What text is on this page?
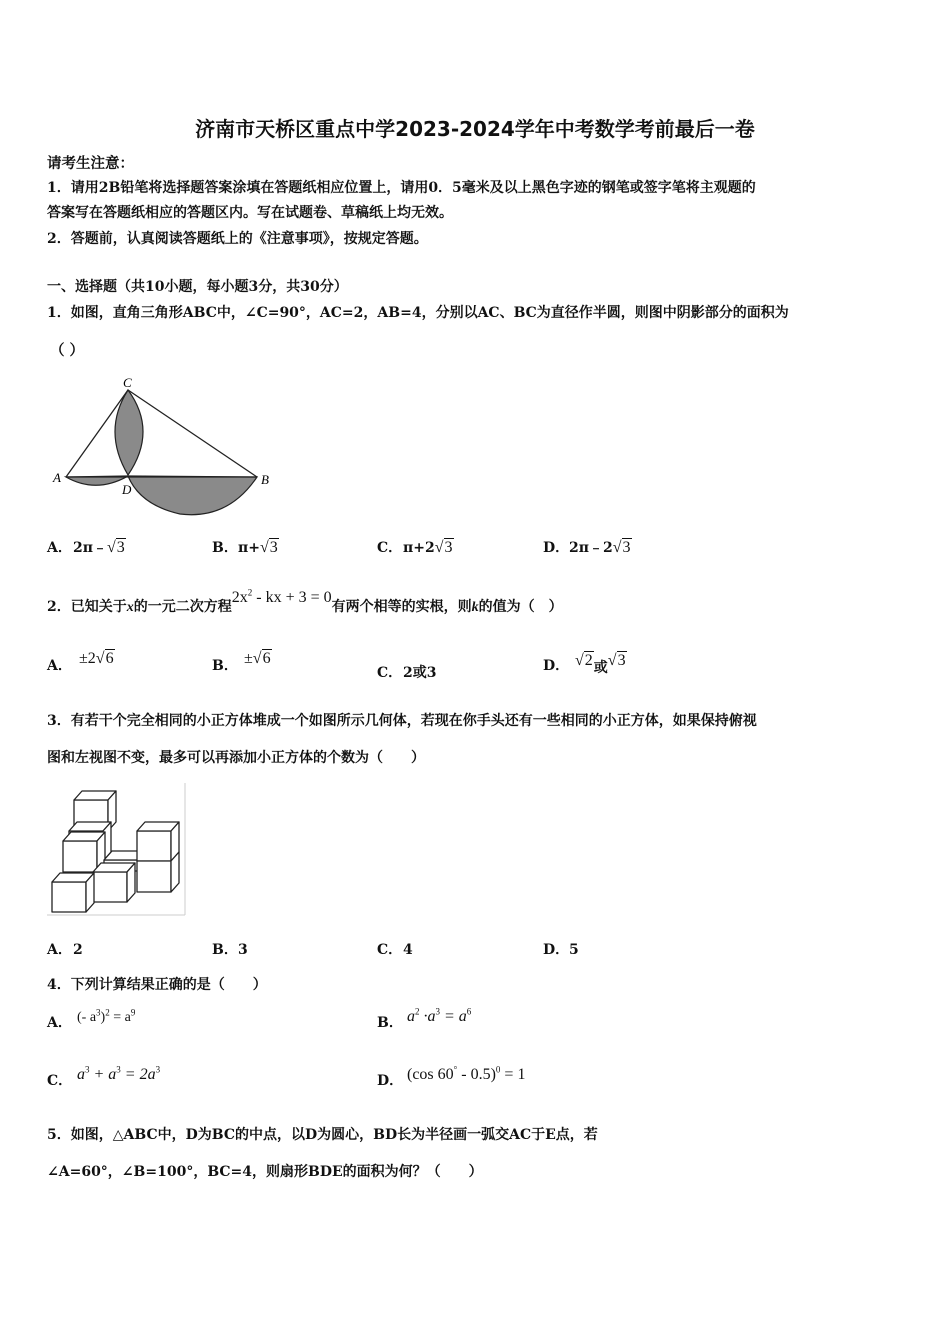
济南市天桥区重点中学2023-2024学年中考数学考前最后一卷
请考生注意：
1．请用2B铅笔将选择题答案涂填在答题纸相应位置上，请用0．5毫米及以上黑色字迹的钢笔或签字笔将主观题的
答案写在答题纸相应的答题区内。写在试题卷、草稿纸上均无效。
2．答题前，认真阅读答题纸上的《注意事项》，按规定答题。
一、选择题（共10小题，每小题3分，共30分）
1．如图，直角三角形ABC中，∠C=90°，AC=2，AB=4，分别以AC、BC为直径作半圆，则图中阴影部分的面积为
（ ）
C
A
D
B
A．2π﹣√3	B．π+√3	C．π+2√3	D．2π﹣2√3
2．已知关于x的一元二次方程$2x^2$ - kx + 3 = 0有两个相等的实根，则k的值为（　）
A． ±2√6	B． ±√6
C．2或3	D． √2或√3
3．有若干个完全相同的小正方体堆成一个如图所示几何体，若现在你手头还有一些相同的小正方体，如果保持俯视
图和左视图不变，最多可以再添加小正方体的个数为（　　）
A．2	B．3	C．4	D．5
4．下列计算结果正确的是（　　）
A． (- $a^3)^2 = a^9$
B． $a^2 \cdot a^3 = a^6$
C． $a^3 + a^3 = 2a^3$
D． (cos 60° - 0.5)$^0$ = 1
5．如图，△ABC中，D为BC的中点，以D为圆心，BD长为半径画一弧交AC于E点，若
∠A=60°，∠B=100°，BC=4，则扇形BDE的面积为何？（　　）
